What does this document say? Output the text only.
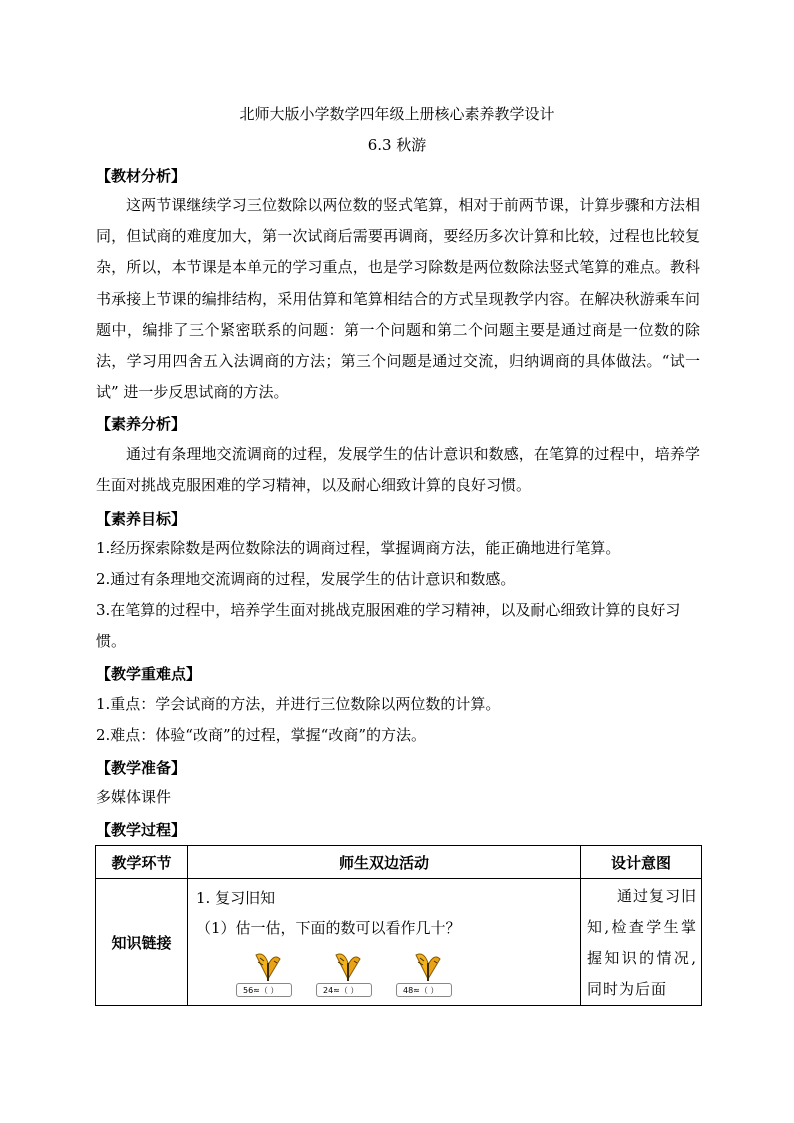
北师大版小学数学四年级上册核心素养教学设计
6.3 秋游
【教材分析】

这两节课继续学习三位数除以两位数的竖式笔算，相对于前两节课，计算步骤和方法相同，但试商的难度加大，第一次试商后需要再调商，要经历多次计算和比较，过程也比较复杂，所以，本节课是本单元的学习重点，也是学习除数是两位数除法竖式笔算的难点。教科书承接上节课的编排结构，采用估算和笔算相结合的方式呈现教学内容。在解决秋游乘车问题中，编排了三个紧密联系的问题：第一个问题和第二个问题主要是通过商是一位数的除法，学习用四舍五入法调商的方法；第三个问题是通过交流，归纳调商的具体做法。“试一试” 进一步反思试商的方法。

【素养分析】

通过有条理地交流调商的过程，发展学生的估计意识和数感，在笔算的过程中，培养学生面对挑战克服困难的学习精神，以及耐心细致计算的良好习惯。

【素养目标】

1.经历探索除数是两位数除法的调商过程，掌握调商方法，能正确地进行笔算。

2.通过有条理地交流调商的过程，发展学生的估计意识和数感。

3.在笔算的过程中，培养学生面对挑战克服困难的学习精神，以及耐心细致计算的良好习惯。

【教学重难点】

1.重点：学会试商的方法，并进行三位数除以两位数的计算。

2.难点：体验“改商”的过程，掌握“改商”的方法。

【教学准备】

多媒体课件

【教学过程】
教学环节	师生双边活动	设计意图
知识链接	1. 复习旧知
（1）估一估，下面的数可以看作几十？
56≈（ ） 24≈（ ） 48≈（ ）	通过复习旧知,检查学生掌握知识的情况,同时为后面
